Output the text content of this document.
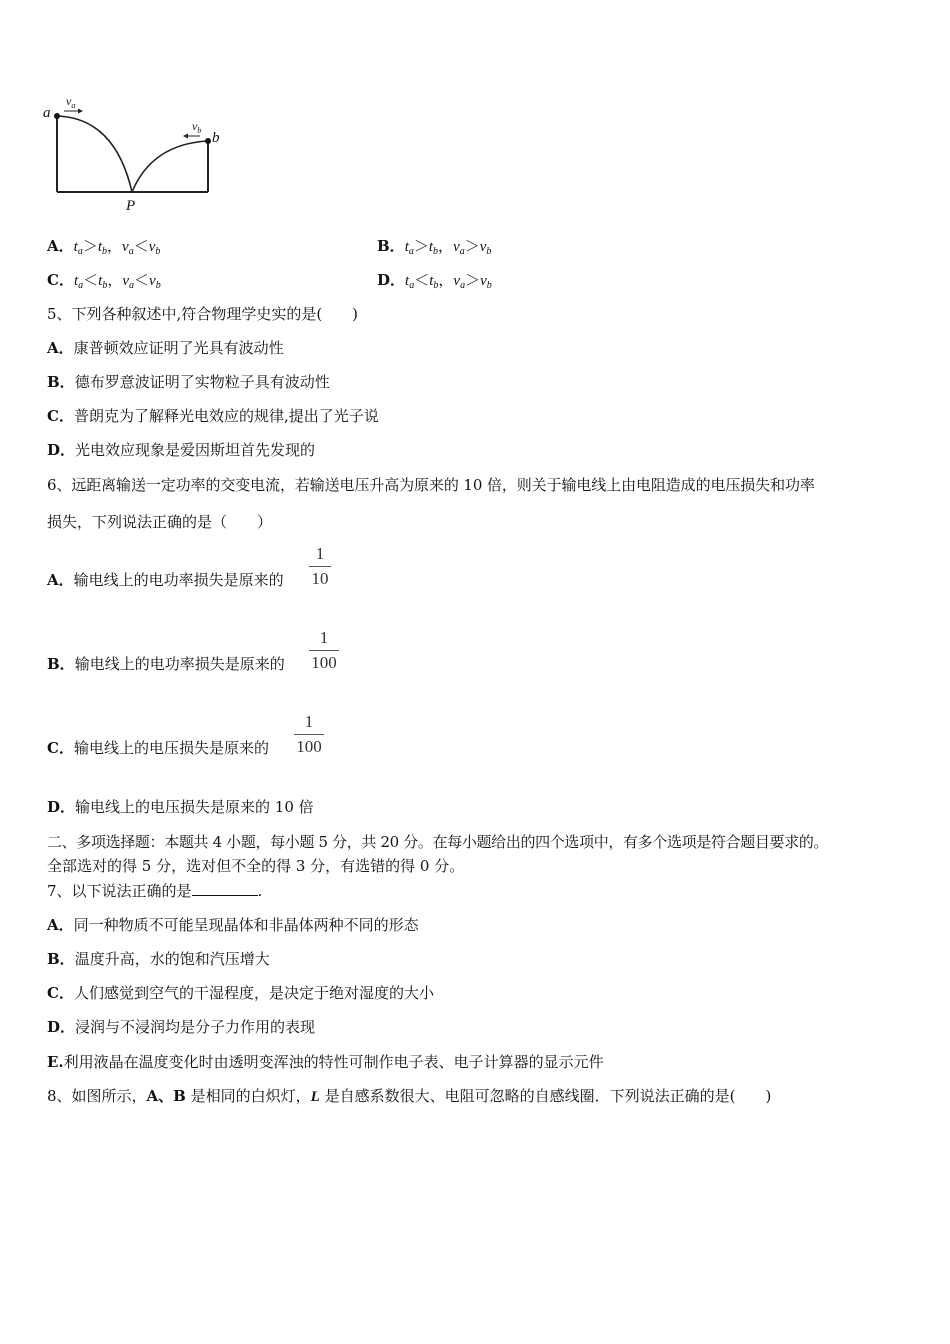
a
$v_a$
$v_b$ b
P
A．$t_a>t_b$，$v_a<v_b$	B．$t_a>t_b$，$v_a>v_b$
C．$t_a<t_b$，$v_a<v_b$	D．$t_a<t_b$，$v_a>v_b$
5、下列各种叙述中,符合物理学史实的是(　　)
A．康普顿效应证明了光具有波动性
B．德布罗意波证明了实物粒子具有波动性
C．普朗克为了解释光电效应的规律,提出了光子说
D．光电效应现象是爱因斯坦首先发现的
6、远距离输送一定功率的交变电流，若输送电压升高为原来的 10 倍，则关于输电线上由电阻造成的电压损失和功率
损失，下列说法正确的是（　　）
A．输电线上的电功率损失是原来的
1
10
B．输电线上的电功率损失是原来的
1
100
C．输电线上的电压损失是原来的
1
100
D．输电线上的电压损失是原来的 10 倍
二、多项选择题：本题共 4 小题，每小题 5 分，共 20 分。在每小题给出的四个选项中，有多个选项是符合题目要求的。
全部选对的得 5 分，选对但不全的得 3 分，有选错的得 0 分。
7、以下说法正确的是	.
A．同一种物质不可能呈现晶体和非晶体两种不同的形态
B．温度升高，水的饱和汽压增大
C．人们感觉到空气的干湿程度，是决定于绝对湿度的大小
D．浸润与不浸润均是分子力作用的表现
E.利用液晶在温度变化时由透明变浑浊的特性可制作电子表、电子计算器的显示元件
8、如图所示，A、B 是相同的白炽灯，L 是自感系数很大、电阻可忽略的自感线圈．下列说法正确的是(　　)
